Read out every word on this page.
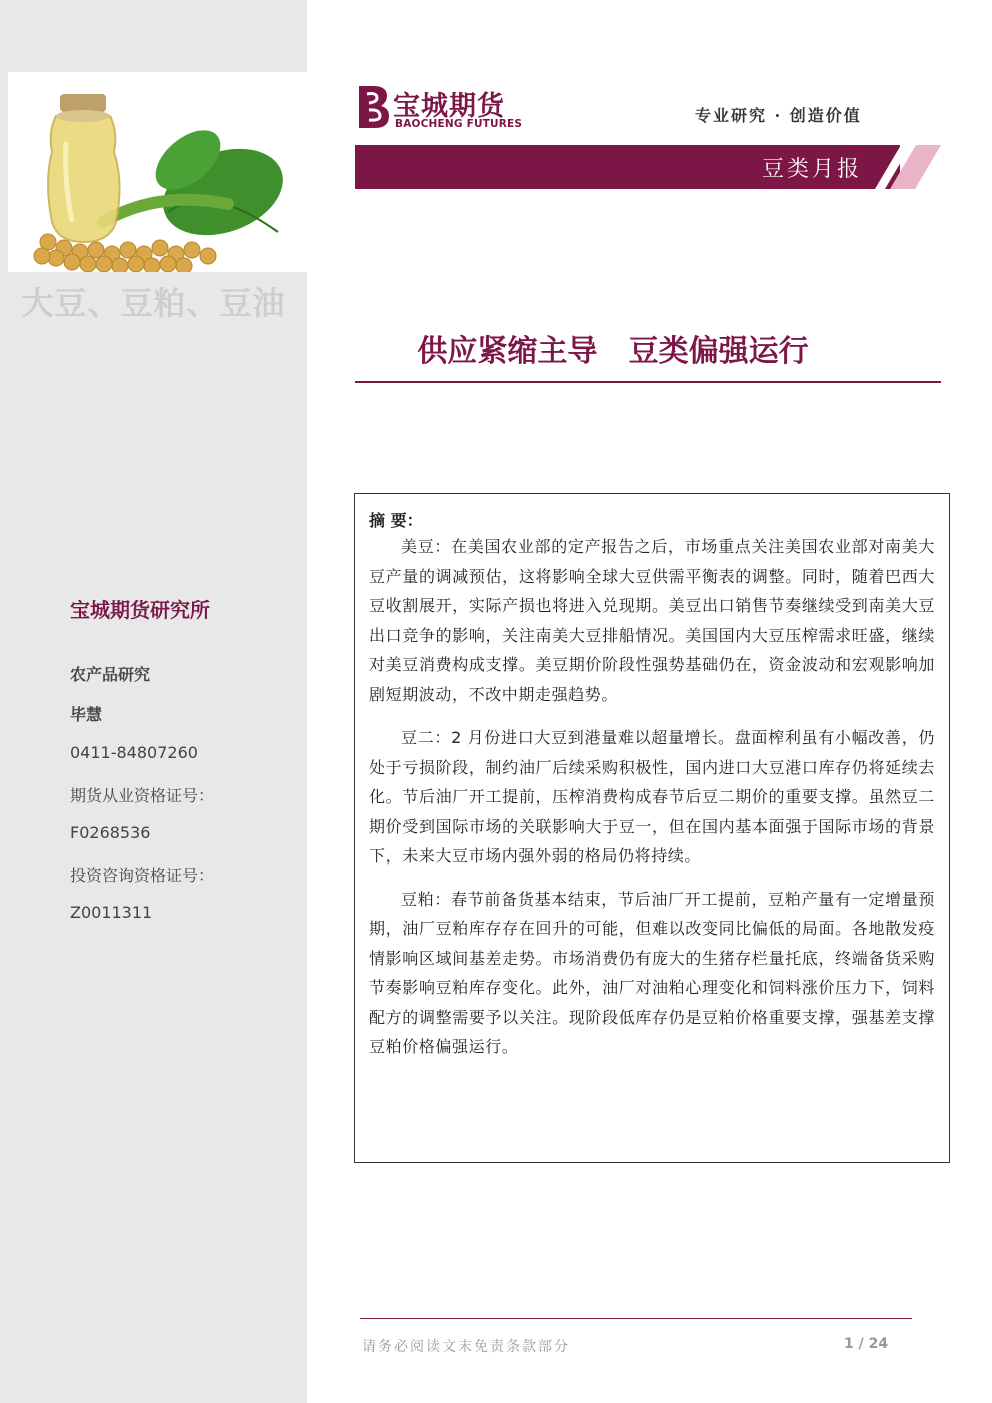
大豆、豆粕、豆油
宝城期货研究所
农产品研究
毕慧
0411-84807260
期货从业资格证号：
F0268536
投资咨询资格证号：
Z0011311
宝城期货
BAOCHENG FUTURES	专业研究 · 创造价值
豆类月报
供应紧缩主导   豆类偏强运行
摘 要：

美豆：在美国农业部的定产报告之后，市场重点关注美国农业部对南美大豆产量的调减预估，这将影响全球大豆供需平衡表的调整。同时，随着巴西大豆收割展开，实际产损也将进入兑现期。美豆出口销售节奏继续受到南美大豆出口竞争的影响，关注南美大豆排船情况。美国国内大豆压榨需求旺盛，继续对美豆消费构成支撑。美豆期价阶段性强势基础仍在，资金波动和宏观影响加剧短期波动，不改中期走强趋势。

豆二：2 月份进口大豆到港量难以超量增长。盘面榨利虽有小幅改善，仍处于亏损阶段，制约油厂后续采购积极性，国内进口大豆港口库存仍将延续去化。节后油厂开工提前，压榨消费构成春节后豆二期价的重要支撑。虽然豆二期价受到国际市场的关联影响大于豆一，但在国内基本面强于国际市场的背景下，未来大豆市场内强外弱的格局仍将持续。

豆粕：春节前备货基本结束，节后油厂开工提前，豆粕产量有一定增量预期，油厂豆粕库存存在回升的可能，但难以改变同比偏低的局面。各地散发疫情影响区域间基差走势。市场消费仍有庞大的生猪存栏量托底，终端备货采购节奏影响豆粕库存变化。此外，油厂对油粕心理变化和饲料涨价压力下，饲料配方的调整需要予以关注。现阶段低库存仍是豆粕价格重要支撑，强基差支撑豆粕价格偏强运行。

请务必阅读文末免责条款部分	1 / 24
